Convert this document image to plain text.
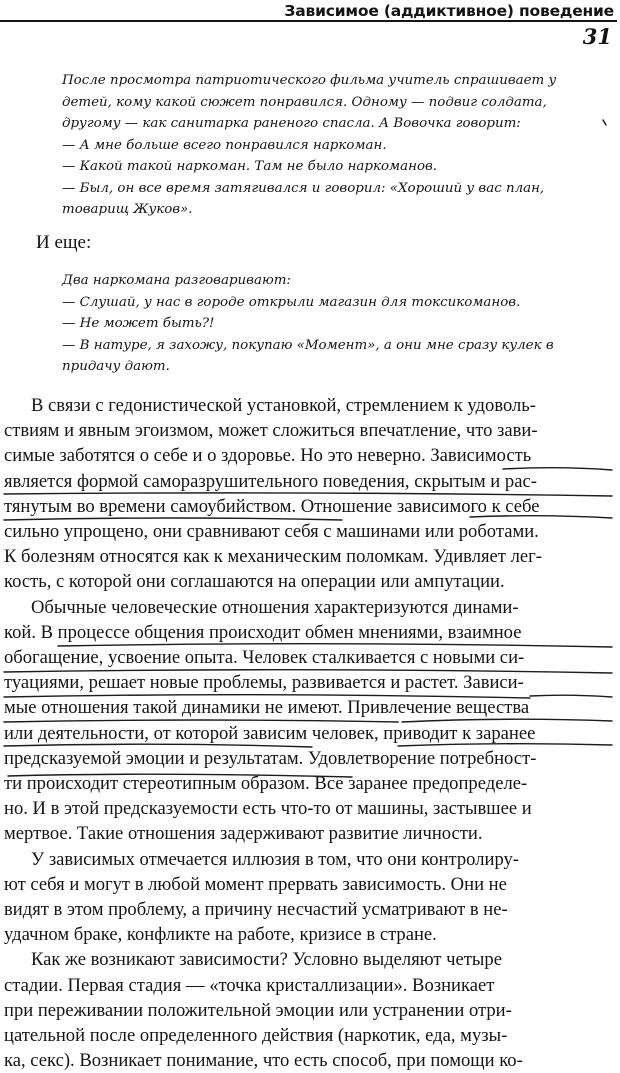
Зависимое (аддиктивное) поведение
31
После просмотра патриотического фильма учитель спрашивает у
детей, кому какой сюжет понравился. Одному — подвиг солдата,
другому — как санитарка раненого спасла. А Вовочка говорит:
— А мне больше всего понравился наркоман.
— Какой такой наркоман. Там не было наркоманов.
— Был, он все время затягивался и говорил: «Хороший у вас план,
товарищ Жуков».
И еще:
Два наркомана разговаривают:
— Слушай, у нас в городе открыли магазин для токсикоманов.
— Не может быть?!
— В натуре, я захожу, покупаю «Момент», а они мне сразу кулек в
придачу дают.
В связи с гедонистической установкой, стремлением к удоволь-
ствиям и явным эгоизмом, может сложиться впечатление, что зави-
симые заботятся о себе и о здоровье. Но это неверно. Зависимость
является формой саморазрушительного поведения, скрытым и рас-
тянутым во времени самоубийством. Отношение зависимого к себе
сильно упрощено, они сравнивают себя с машинами или роботами.
К болезням относятся как к механическим поломкам. Удивляет лег-
кость, с которой они соглашаются на операции или ампутации.
Обычные человеческие отношения характеризуются динами-
кой. В процессе общения происходит обмен мнениями, взаимное
обогащение, усвоение опыта. Человек сталкивается с новыми си-
туациями, решает новые проблемы, развивается и растет. Зависи-
мые отношения такой динамики не имеют. Привлечение вещества
или деятельности, от которой зависим человек, приводит к заранее
предсказуемой эмоции и результатам. Удовлетворение потребност-
ти происходит стереотипным образом. Все заранее предопределе-
но. И в этой предсказуемости есть что-то от машины, застывшее и
мертвое. Такие отношения задерживают развитие личности.
У зависимых отмечается иллюзия в том, что они контролиру-
ют себя и могут в любой момент прервать зависимость. Они не
видят в этом проблему, а причину несчастий усматривают в не-
удачном браке, конфликте на работе, кризисе в стране.
Как же возникают зависимости? Условно выделяют четыре
стадии. Первая стадия — «точка кристаллизации». Возникает
при переживании положительной эмоции или устранении отри-
цательной после определенного действия (наркотик, еда, музы-
ка, секс). Возникает понимание, что есть способ, при помощи ко-
